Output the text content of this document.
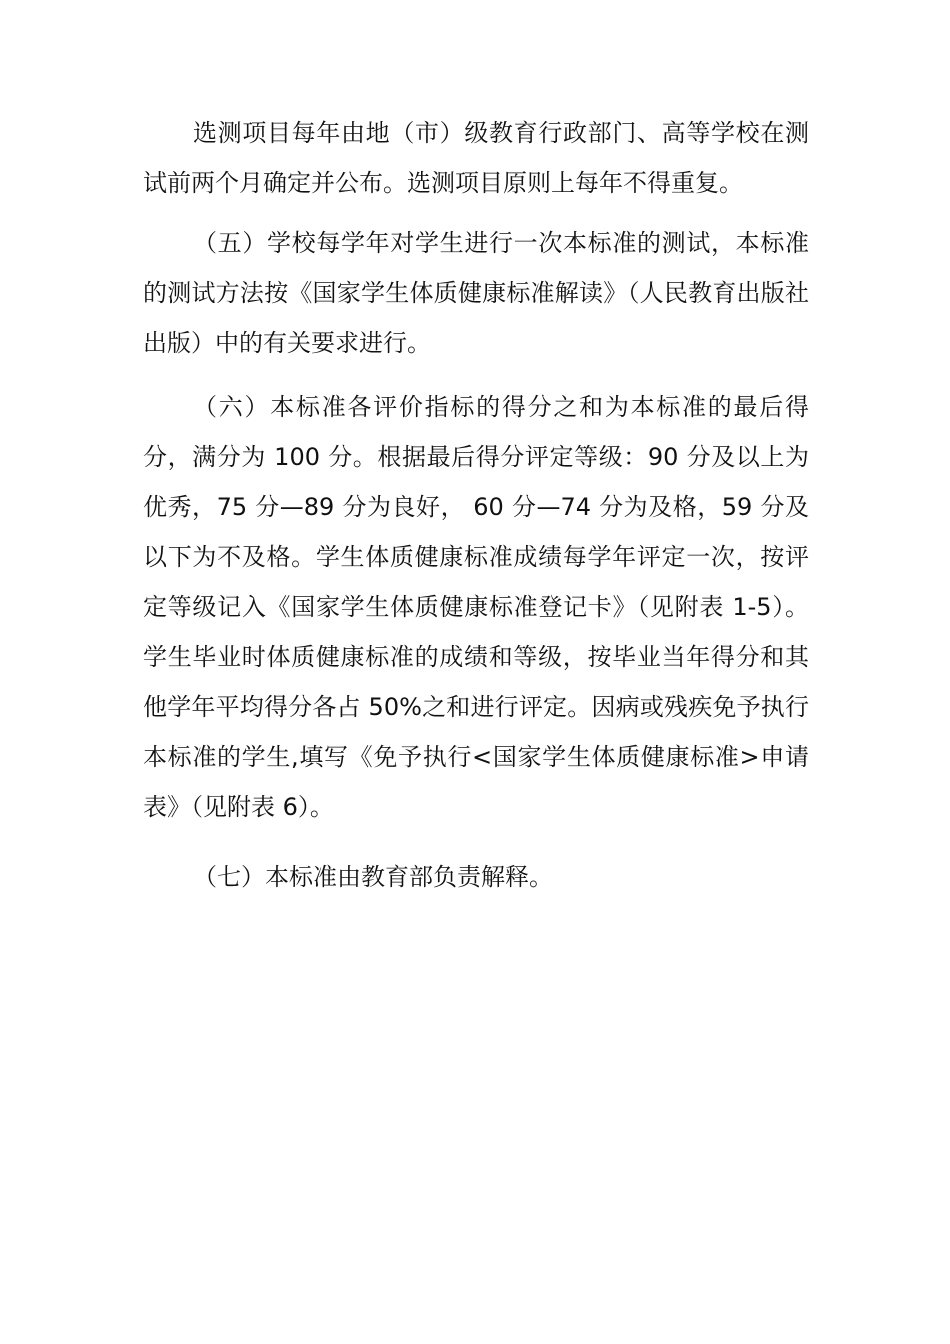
选测项目每年由地（市）级教育行政部门、高等学校在测试前两个月确定并公布。选测项目原则上每年不得重复。

（五）学校每学年对学生进行一次本标准的测试，本标准的测试方法按《国家学生体质健康标准解读》（人民教育出版社出版）中的有关要求进行。

（六）本标准各评价指标的得分之和为本标准的最后得分，满分为 100 分。根据最后得分评定等级：90 分及以上为优秀，75 分—89 分为良好， 60 分—74 分为及格，59 分及以下为不及格。学生体质健康标准成绩每学年评定一次，按评定等级记入《国家学生体质健康标准登记卡》（见附表 1-5）。学生毕业时体质健康标准的成绩和等级，按毕业当年得分和其他学年平均得分各占 50%之和进行评定。因病或残疾免予执行本标准的学生,填写《免予执行<国家学生体质健康标准>申请表》（见附表 6）。

（七）本标准由教育部负责解释。
